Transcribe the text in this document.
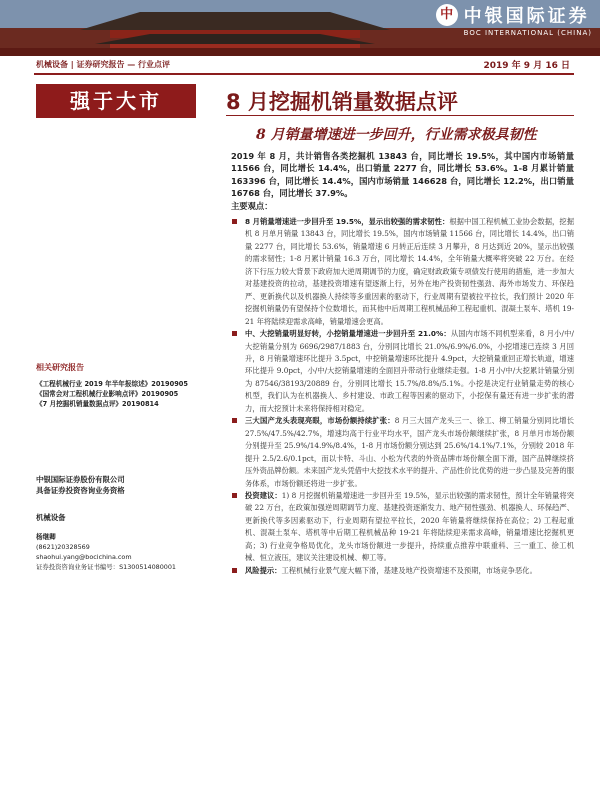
中 中银国际证券
BOC INTERNATIONAL (CHINA)
机械设备 | 证券研究报告 — 行业点评	2019 年 9 月 16 日
强于大市	8 月挖掘机销量数据点评
8 月销量增速进一步回升，行业需求极具韧性
相关研究报告
《工程机械行业 2019 年半年报综述》20190905
《国常会对工程机械行业影响点评》20190905
《7 月挖掘机销量数据点评》20190814
中银国际证券股份有限公司
具备证券投资咨询业务资格
机械设备
杨继卿
(8621)20328569
shaohui.yang@bocichina.com
证券投资咨询业务证书编号：S1300514080001

2019 年 8 月，共计销售各类挖掘机 13843 台，同比增长 19.5%，其中国内市场销量 11566 台，同比增长 14.4%，出口销量 2277 台，同比增长 53.6%。1-8 月累计销量 163396 台，同比增长 14.4%，国内市场销量 146628 台，同比增长 12.2%，出口销量 16768 台，同比增长 37.9%。

主要观点：

8 月销量增速进一步回升至 19.5%，显示出较强的需求韧性：根据中国工程机械工业协会数据，挖掘机 8 月单月销量 13843 台，同比增长 19.5%，国内市场销量 11566 台，同比增长 14.4%，出口销量 2277 台，同比增长 53.6%，销量增速 6 月转正后连续 3 月攀升，8 月达到近 20%，显示出较强的需求韧性；1-8 月累计销量 16.3 万台，同比增长 14.4%，全年销量大概率将突破 22 万台。在经济下行压力较大背景下政府加大逆周期调节的力度，确定财政政策专项债发行使用的措施，进一步加大对基建投资的拉动，基建投资增速有望逐渐上行，另外在地产投资韧性强劲、海外市场发力、环保趋严、更新换代以及机器换人持续等多重因素的驱动下，行业周期有望被拉平拉长，我们预计 2020 年挖掘机销量仍有望保持个位数增长，而其他中后周期工程机械品种工程起重机、混凝土泵车、塔机 19-21 年将陆续迎需求高峰，销量增速会更高。
中、大挖销量明显好转，小挖销量增速进一步回升至 21.0%：从国内市场不同机型来看，8 月小/中/大挖销量分别为 6696/2987/1883 台，分别同比增长 21.0%/6.9%/6.0%，小挖增速已连续 3 月回升，8 月销量增速环比提升 3.5pct，中挖销量增速环比提升 4.9pct，大挖销量重回正增长轨道，增速环比提升 9.0pct，小/中/大挖销量增速的全面回升带动行业继续走强。1-8 月小/中/大挖累计销量分别为 87546/38193/20889 台，分别同比增长 15.7%/8.8%/5.1%。小挖是决定行业销量走势的核心机型，我们认为在机器换人、乡村建设、市政工程等因素的驱动下，小挖保有量还有进一步扩张的潜力，而大挖预计未来将保持相对稳定。
三大国产龙头表现亮眼，市场份额持续扩张：8 月三大国产龙头三一、徐工、柳工销量分别同比增长 27.5%/47.5%/42.7%，增速均高于行业平均水平，国产龙头市场份额继续扩张，8 月单月市场份额分别提升至 25.9%/14.9%/8.4%，1-8 月市场份额分别达到 25.6%/14.1%/7.1%，分别较 2018 年提升 2.5/2.6/0.1pct，而以卡特、斗山、小松为代表的外资品牌市场份额全面下滑，国产品牌继续挤压外资品牌份额。未来国产龙头凭借中大挖技术水平的提升、产品性价比优势的进一步凸显及完善的服务体系，市场份额还将进一步扩张。
投资建议：1) 8 月挖掘机销量增速进一步回升至 19.5%，显示出较强的需求韧性，预计全年销量将突破 22 万台，在政策加强逆周期调节力度、基建投资逐渐发力、地产韧性强劲、机器换人、环保趋严、更新换代等多因素驱动下，行业周期有望拉平拉长，2020 年销量将继续保持在高位；2) 工程起重机、混凝土泵车、塔机等中后期工程机械品种 19-21 年将陆续迎来需求高峰，销量增速比挖掘机更高；3) 行业竞争格局优化，龙头市场份额进一步提升，持续重点推荐中联重科、三一重工、徐工机械、恒立液压，建议关注建设机械、柳工等。
风险提示：工程机械行业景气度大幅下滑，基建及地产投资增速不及预期，市场竞争恶化。
